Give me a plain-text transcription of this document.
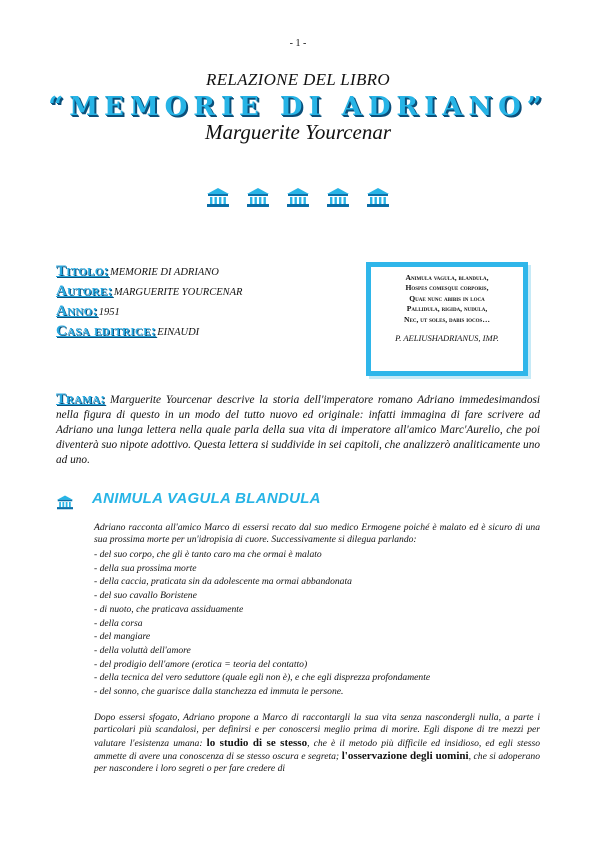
- 1 -
RELAZIONE DEL LIBRO
“MEMORIE DI ADRIANO”
Marguerite Yourcenar
Titolo:MEMORIE DI ADRIANO
Autore:MARGUERITE YOURCENAR
Anno:1951
Casa editrice:EINAUDI
Animula vagula, blandula,
Hospes comesque corporis,
Quae nunc abibis in loca
Pallidula, rigida, nudula,
Nec, ut soles, dabis iocos…
P. AELIUSHADRIANUS, IMP.
Trama: Marguerite Yourcenar descrive la storia dell'imperatore romano Adriano immedesimandosi nella figura di questo in un modo del tutto nuovo ed originale: infatti immagina di fare scrivere ad Adriano una lunga lettera nella quale parla della sua vita di imperatore all'amico Marc'Aurelio, che poi diventerà suo nipote adottivo. Questa lettera si suddivide in sei capitoli, che analizzerò analiticamente uno ad uno.
ANIMULA VAGULA BLANDULA
Adriano racconta all'amico Marco di essersi recato dal suo medico Ermogene poiché è malato ed è sicuro di una sua prossima morte per un'idropisia di cuore. Successivamente si dilegua parlando:
- del suo corpo, che gli è tanto caro ma che ormai è malato
- della sua prossima morte
- della caccia, praticata sin da adolescente ma ormai abbandonata
- del suo cavallo Boristene
- di nuoto, che praticava assiduamente
- della corsa
- del mangiare
- della voluttà dell'amore
- del prodigio dell'amore (erotica = teoria del contatto)
- della tecnica del vero seduttore (quale egli non è), e che egli disprezza profondamente
- del sonno, che guarisce dalla stanchezza ed immuta le persone.
Dopo essersi sfogato, Adriano propone a Marco di raccontargli la sua vita senza nascondergli nulla, a parte i particolari più scandalosi, per definirsi e per conoscersi meglio prima di morire. Egli dispone di tre mezzi per valutare l'esistenza umana: lo studio di se stesso, che è il metodo più difficile ed insidioso, ed egli stesso ammette di avere una conoscenza di se stesso oscura e segreta; l'osservazione degli uomini, che si adoperano per nascondere i loro segreti o per fare credere di
